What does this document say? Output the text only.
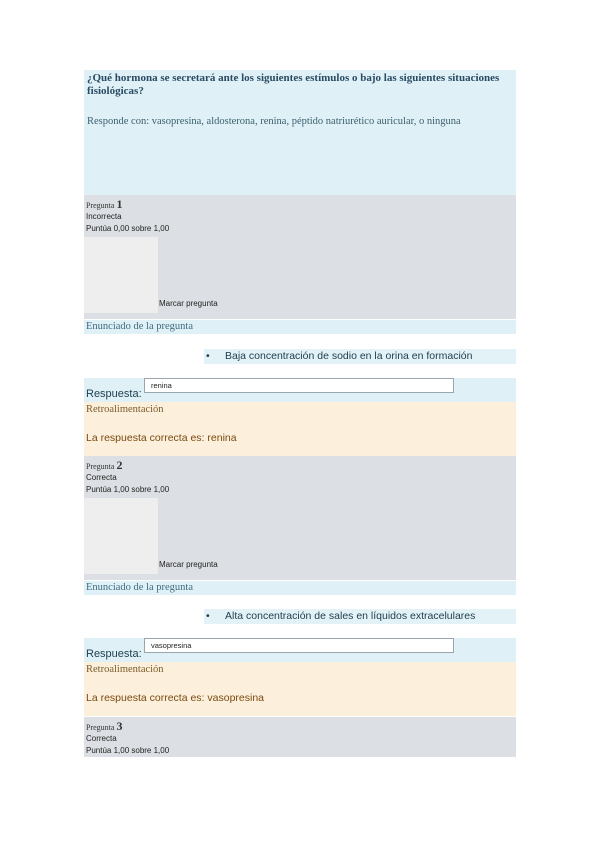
¿Qué hormona se secretará ante los siguientes estímulos o bajo las siguientes situaciones fisiológicas?
Responde con: vasopresina, aldosterona, renina, péptido natriurético auricular, o ninguna
Pregunta 1
Incorrecta
Puntúa 0,00 sobre 1,00
Marcar pregunta
Enunciado de la pregunta
• Baja concentración de sodio en la orina en formación
Respuesta:
renina
Retroalimentación
La respuesta correcta es: renina
Pregunta 2
Correcta
Puntúa 1,00 sobre 1,00
Marcar pregunta
Enunciado de la pregunta
• Alta concentración de sales en líquidos extracelulares
Respuesta:
vasopresina
Retroalimentación
La respuesta correcta es: vasopresina
Pregunta 3
Correcta
Puntúa 1,00 sobre 1,00
